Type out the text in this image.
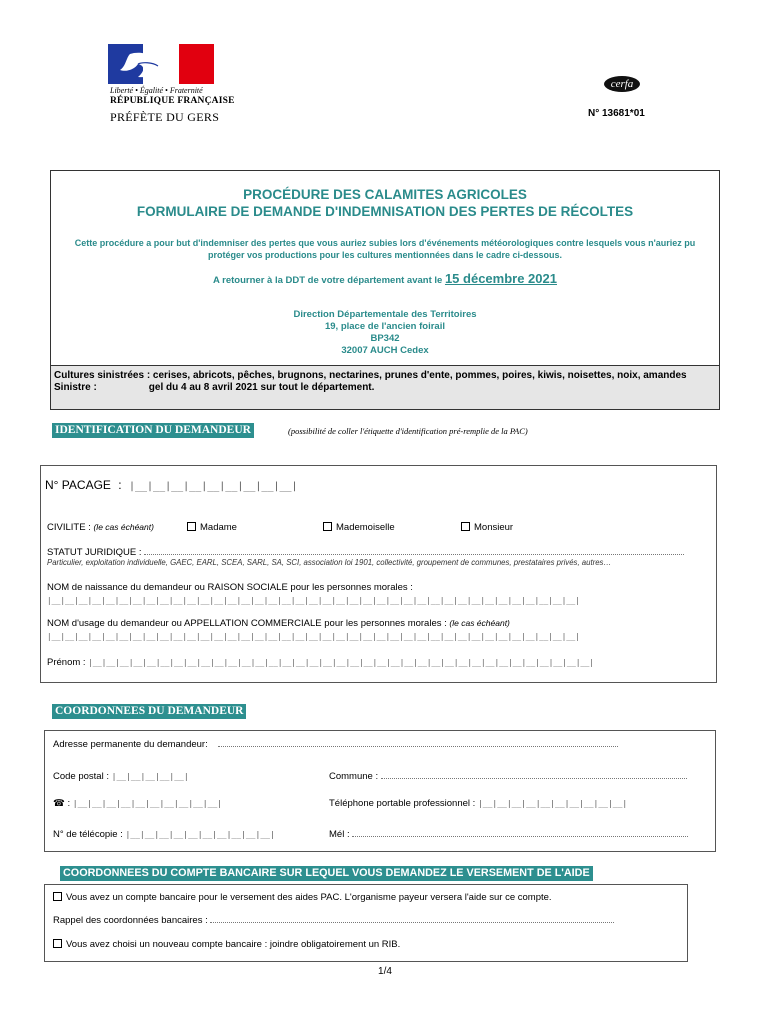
Liberté • Égalité • Fraternité
RÉPUBLIQUE FRANÇAISE
PRÉFÈTE DU GERS
cerfa
N° 13681*01
PROCÉDURE DES CALAMITES AGRICOLES
FORMULAIRE DE DEMANDE D'INDEMNISATION DES PERTES DE RÉCOLTES
Cette procédure a pour but d'indemniser des pertes que vous auriez subies lors d'événements météorologiques contre lesquels vous n'auriez pu protéger vos productions pour les cultures mentionnées dans le cadre ci-dessous.
A retourner à la DDT de votre département avant le 15 décembre 2021
Direction Départementale des Territoires
19, place de l'ancien foirail
BP342
32007 AUCH Cedex
Cultures sinistrées : cerises, abricots, pêches, brugnons, nectarines, prunes d'ente, pommes, poires, kiwis, noisettes, noix, amandes
Sinistre :	gel du 4 au 8 avril 2021 sur tout le département.
IDENTIFICATION DU DEMANDEUR	(possibilité de coller l'étiquette d'identification pré-remplie de la PAC)
N° PACAGE : |__|__|__|__|__|__|__|__|__|
CIVILITE : (le cas échéant)	Madame	Mademoiselle	Monsieur
STATUT JURIDIQUE :
Particulier, exploitation individuelle, GAEC, EARL, SCEA, SARL, SA, SCI, association loi 1901, collectivité, groupement de communes, prestataires privés, autres…
NOM de naissance du demandeur ou RAISON SOCIALE pour les personnes morales :
|__|__|__|__|__|__|__|__|__|__|__|__|__|__|__|__|__|__|__|__|__|__|__|__|__|__|__|__|__|__|__|__|__|__|__|__|__|__|__|
NOM d'usage du demandeur ou APPELLATION COMMERCIALE pour les personnes morales : (le cas échéant)
|__|__|__|__|__|__|__|__|__|__|__|__|__|__|__|__|__|__|__|__|__|__|__|__|__|__|__|__|__|__|__|__|__|__|__|__|__|__|__|
Prénom : |__|__|__|__|__|__|__|__|__|__|__|__|__|__|__|__|__|__|__|__|__|__|__|__|__|__|__|__|__|__|__|__|__|__|__|__|__|
COORDONNEES DU DEMANDEUR
Adresse permanente du demandeur:
Code postal : |__|__|__|__|__|	Commune :
☎ : |__|__|__|__|__|__|__|__|__|__|	Téléphone portable professionnel : |__|__|__|__|__|__|__|__|__|__|
N° de télécopie : |__|__|__|__|__|__|__|__|__|__|	Mél :
COORDONNEES DU COMPTE BANCAIRE SUR LEQUEL VOUS DEMANDEZ LE VERSEMENT DE L'AIDE
Vous avez un compte bancaire pour le versement des aides PAC. L'organisme payeur versera l'aide sur ce compte.
Rappel des coordonnées bancaires :
Vous avez choisi un nouveau compte bancaire : joindre obligatoirement un RIB.
1/4
